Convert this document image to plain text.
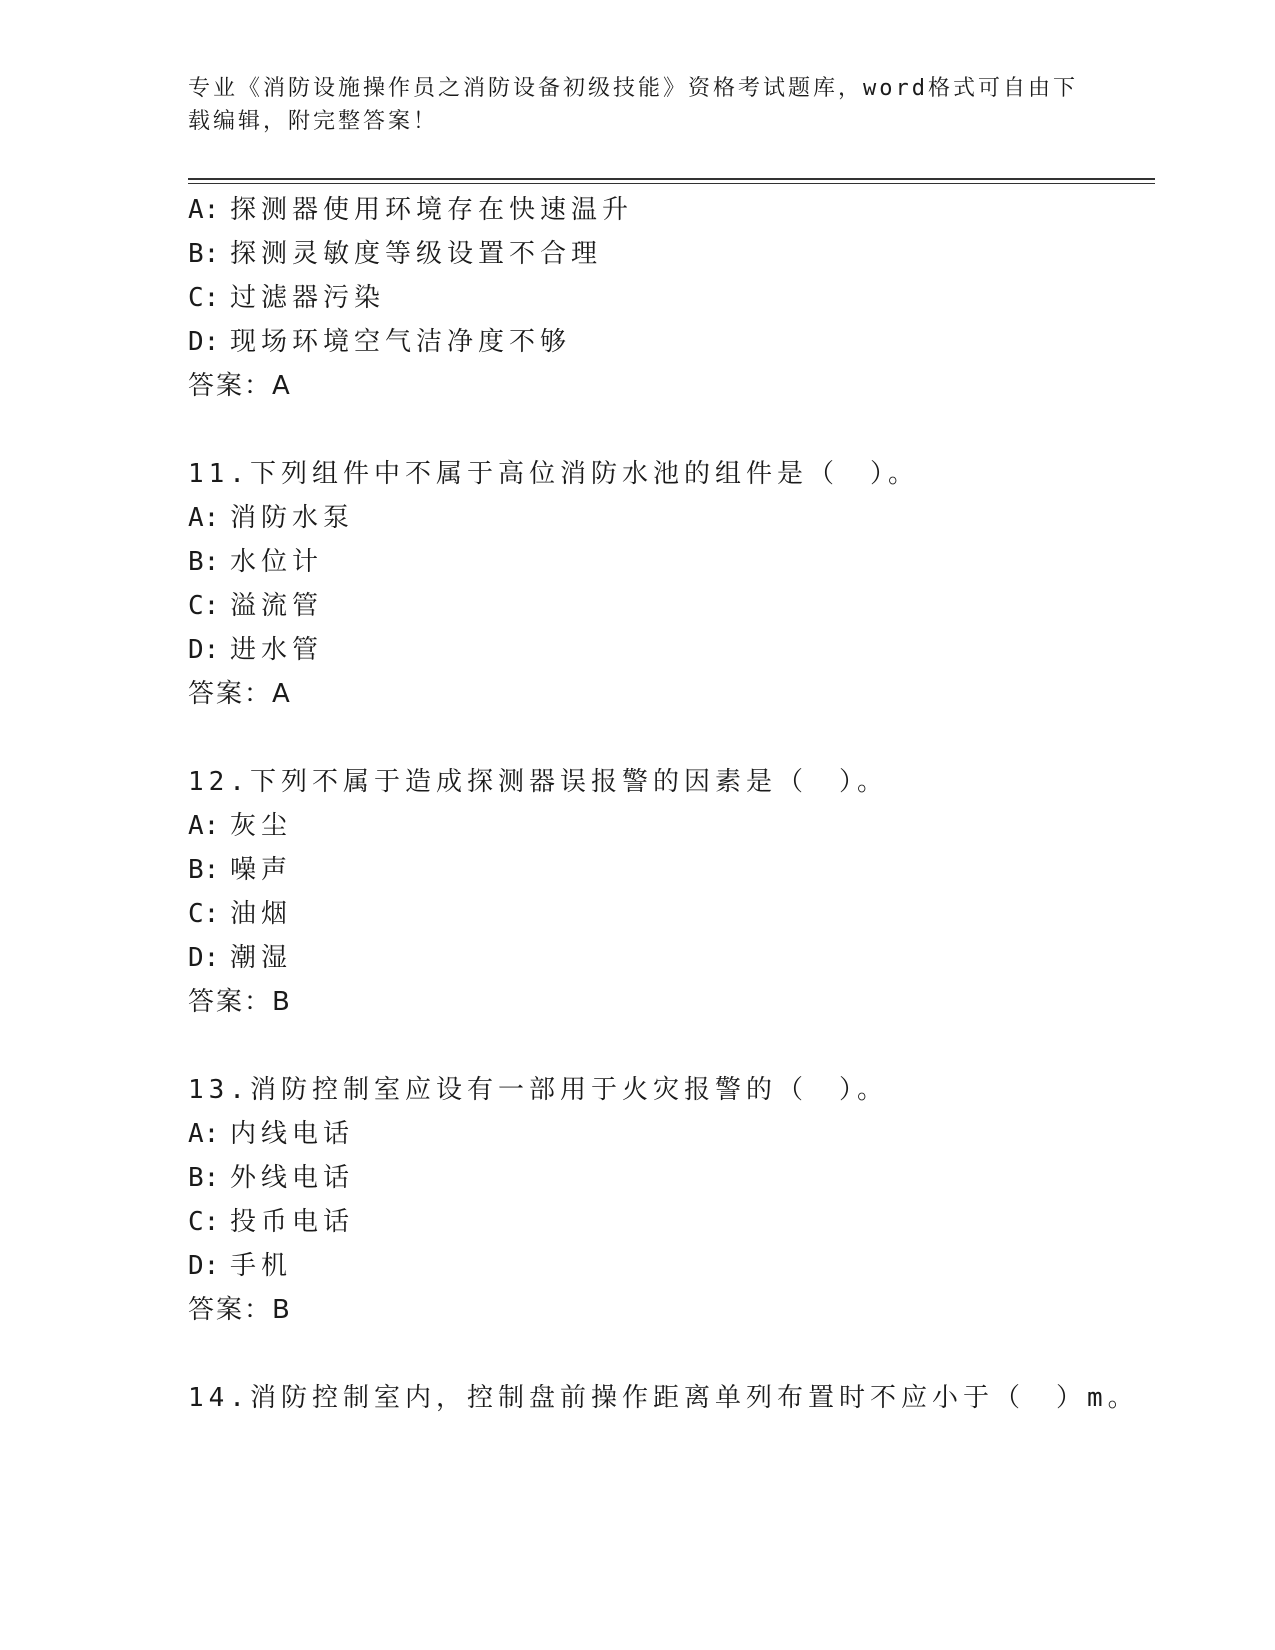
专业《消防设施操作员之消防设备初级技能》资格考试题库，word格式可自由下
载编辑，附完整答案！
A: 探测器使用环境存在快速温升
B: 探测灵敏度等级设置不合理
C: 过滤器污染
D: 现场环境空气洁净度不够
答案：A
11.下列组件中不属于高位消防水池的组件是（　）。
A: 消防水泵
B: 水位计
C: 溢流管
D: 进水管
答案：A
12.下列不属于造成探测器误报警的因素是（　）。
A: 灰尘
B: 噪声
C: 油烟
D: 潮湿
答案：B
13.消防控制室应设有一部用于火灾报警的（　）。
A: 内线电话
B: 外线电话
C: 投币电话
D: 手机
答案：B
14.消防控制室内，控制盘前操作距离单列布置时不应小于（　）m。
